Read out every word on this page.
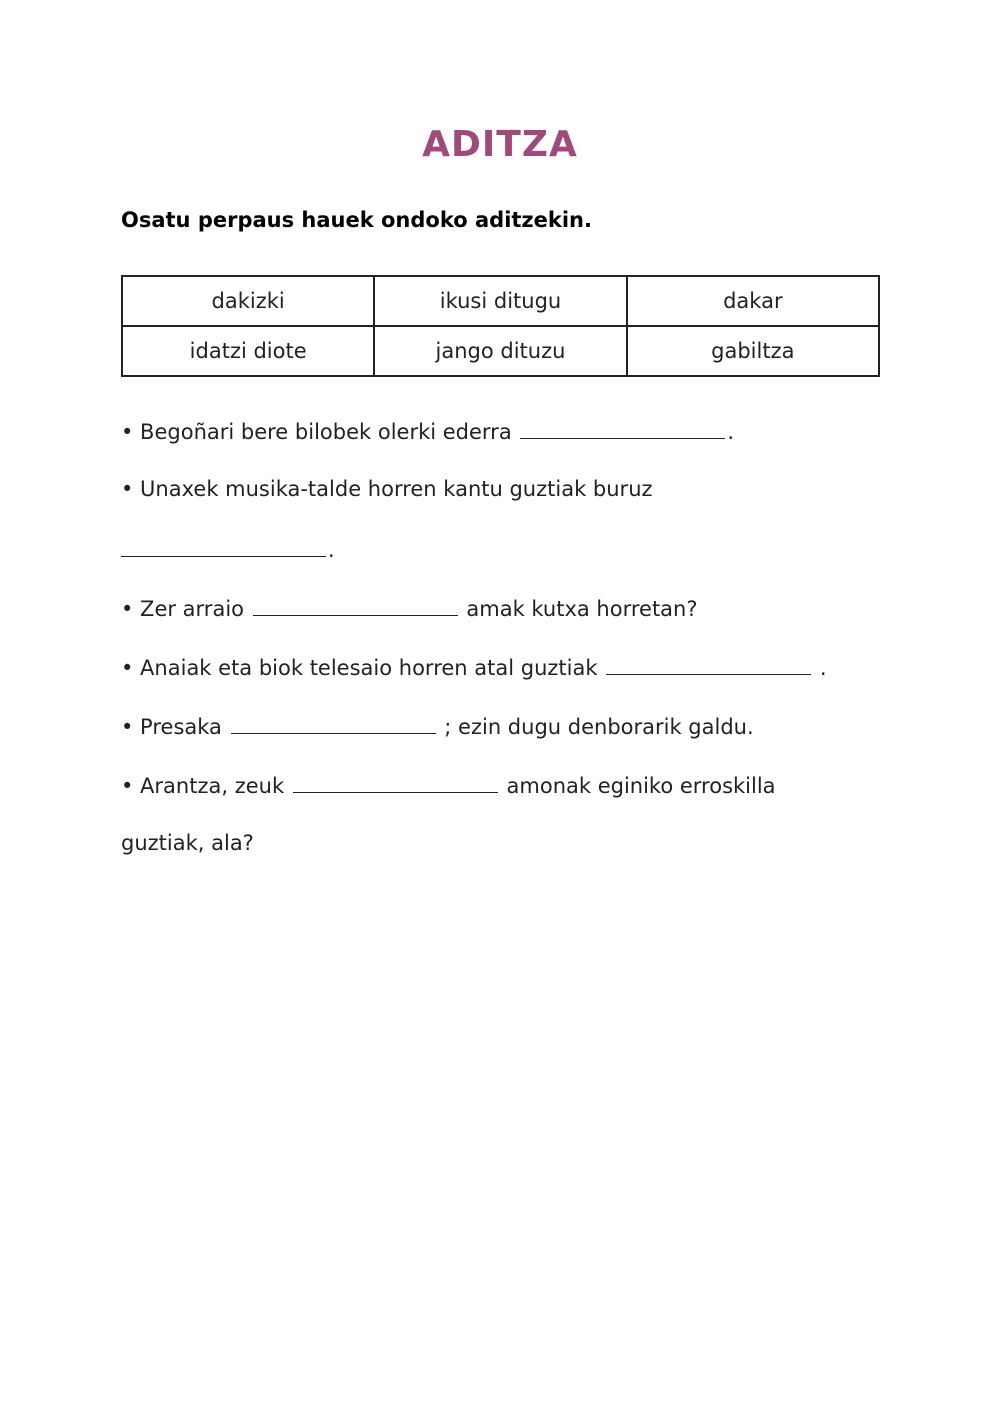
ADITZA
Osatu perpaus hauek ondoko aditzekin.
dakizki	ikusi ditugu	dakar
idatzi diote	jango dituzu	gabiltza
• Begoñari bere bilobek olerki ederra	.
• Unaxek musika-talde horren kantu guztiak buruz
.
• Zer arraio	amak kutxa horretan?
• Anaiak eta biok telesaio horren atal guztiak	.
• Presaka	; ezin dugu denborarik galdu.
• Arantza, zeuk	amonak eginiko erroskilla
guztiak, ala?
